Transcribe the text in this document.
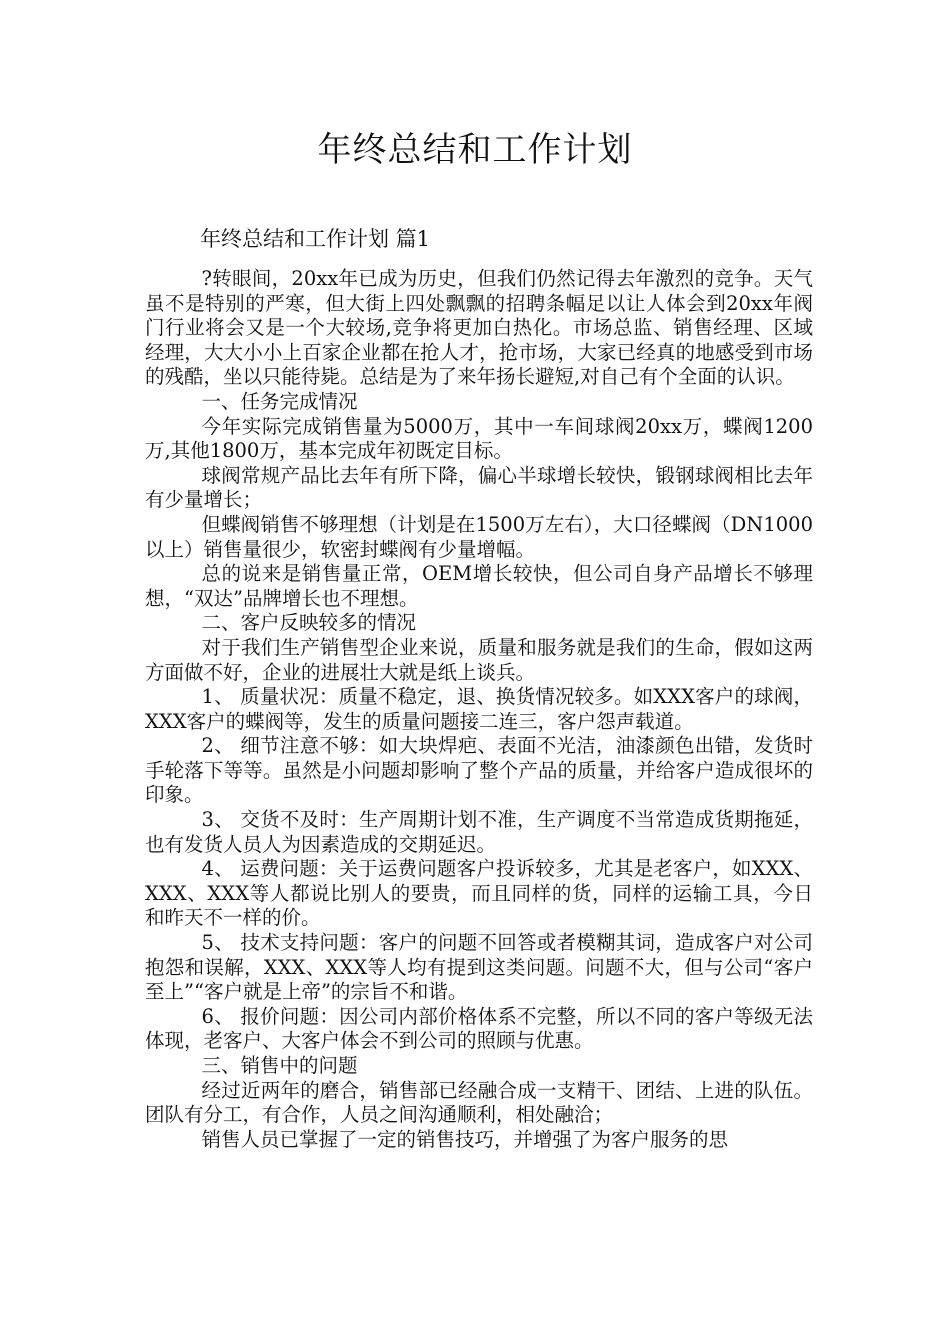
年终总结和工作计划
年终总结和工作计划 篇1

?转眼间，20xx年已成为历史，但我们仍然记得去年激烈的竞争。天气虽不是特别的严寒，但大街上四处飘飘的招聘条幅足以让人体会到20xx年阀门行业将会又是一个大较场,竞争将更加白热化。市场总监、销售经理、区域经理，大大小小上百家企业都在抢人才，抢市场，大家已经真的地感受到市场的残酷，坐以只能待毙。总结是为了来年扬长避短,对自己有个全面的认识。

一、任务完成情况

今年实际完成销售量为5000万，其中一车间球阀20xx万，蝶阀1200万,其他1800万，基本完成年初既定目标。

球阀常规产品比去年有所下降，偏心半球增长较快，锻钢球阀相比去年有少量增长；

但蝶阀销售不够理想（计划是在1500万左右），大口径蝶阀（DN1000以上）销售量很少，软密封蝶阀有少量增幅。

总的说来是销售量正常，OEM增长较快，但公司自身产品增长不够理想，“双达”品牌增长也不理想。

二、客户反映较多的情况

对于我们生产销售型企业来说，质量和服务就是我们的生命，假如这两方面做不好，企业的进展壮大就是纸上谈兵。

1、 质量状况：质量不稳定，退、换货情况较多。如XXX客户的球阀，XXX客户的蝶阀等，发生的质量问题接二连三，客户怨声载道。

2、 细节注意不够：如大块焊疤、表面不光洁，油漆颜色出错，发货时手轮落下等等。虽然是小问题却影响了整个产品的质量，并给客户造成很坏的印象。

3、 交货不及时：生产周期计划不准，生产调度不当常造成货期拖延，也有发货人员人为因素造成的交期延迟。

4、 运费问题：关于运费问题客户投诉较多，尤其是老客户，如XXX、XXX、XXX等人都说比别人的要贵，而且同样的货，同样的运输工具，今日和昨天不一样的价。

5、 技术支持问题：客户的问题不回答或者模糊其词，造成客户对公司抱怨和误解，XXX、XXX等人均有提到这类问题。问题不大，但与公司“客户至上”“客户就是上帝”的宗旨不和谐。

6、 报价问题：因公司内部价格体系不完整，所以不同的客户等级无法体现，老客户、大客户体会不到公司的照顾与优惠。

三、销售中的问题

经过近两年的磨合，销售部已经融合成一支精干、团结、上进的队伍。团队有分工，有合作，人员之间沟通顺利，相处融洽；

销售人员已掌握了一定的销售技巧，并增强了为客户服务的思
